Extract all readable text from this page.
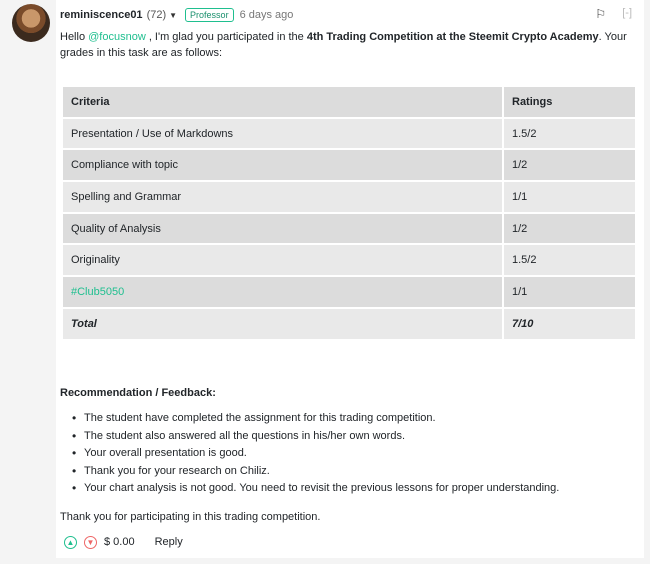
reminiscence01 (72) ▼	Professor	6 days ago	⚐ [-]
Hello @focusnow , I'm glad you participated in the 4th Trading Competition at the Steemit Crypto Academy. Your grades in this task are as follows:
Criteria	Ratings
Presentation / Use of Markdowns	1.5/2
Compliance with topic	1/2
Spelling and Grammar	1/1
Quality of Analysis	1/2
Originality	1.5/2
#Club5050	1/1
Total	7/10
Recommendation / Feedback:
• The student have completed the assignment for this trading competition.
• The student also answered all the questions in his/her own words.
• Your overall presentation is good.
• Thank you for your research on Chiliz.
• Your chart analysis is not good. You need to revisit the previous lessons for proper understanding.
Thank you for participating in this trading competition.
▲	▼ $ 0.00 Reply
